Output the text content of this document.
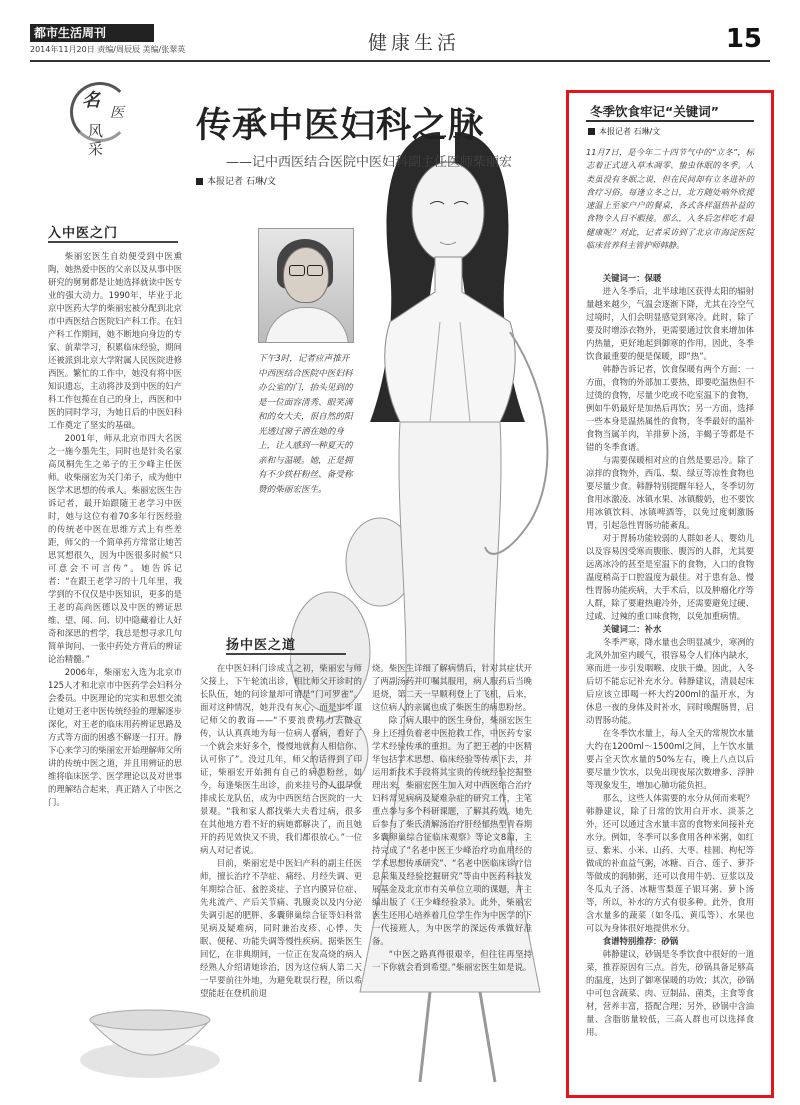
都市生活周刊
2014年11月20日 责编/周辰辰 美编/张翠英	健康生活	15
名
医
风
采
传承中医妇科之脉
——记中西医结合医院中医妇科副主任医师柴丽宏
本报记者 石琳/文
入中医之门

柴丽宏医生自幼便受到中医熏陶，她热爱中医的父亲以及从事中医研究的舅舅都是让她选择就读中医专业的强大动力。1990年，毕业于北京中医药大学的柴丽宏被分配到北京市中西医结合医院妇产科工作。在妇产科工作期间，她不断地向身边的专家、前辈学习，积累临床经验，期间还被派到北京大学附属人民医院进修西医。繁忙的工作中，她没有将中医知识遗忘，主动将涉及到中医的妇产科工作包揽在自己的身上，西医和中医的同时学习，为她日后的中医妇科工作奠定了坚实的基础。

2001年，师从北京市四大名医之一施今墨先生，同时也是针灸名家高凤桐先生之弟子的王少峰主任医师。收柴丽宏为关门弟子，成为他中医学术思想的传承人。柴丽宏医生告诉记者，最开始跟随王老学习中医时，她与这位有着70多年行医经验的传统老中医在思维方式上有些差距，师父的一个简单药方常常让她苦思冥想很久，因为中医很多时候“只可意会不可言传”。她告诉记者：“在跟王老学习的十几年里，我学到的不仅仅是中医知识，更多的是王老的高尚医德以及中医的辨证思维、望、闻、问、切中隐藏着让人好奇和深思的哲学，我总是想寻求几句简单询问、一张中药处方背后的辨证论治精髓。”

2006年，柴丽宏入选为北京市125人才和北京市中医药学会妇科分会委员。中医理论的完实和思想交流让她对王老中医传统经验的理解逐步深化，对王老的临床用药辨证思路及方式等方面的困惑不解逐一打开。静下心来学习的柴丽宏开始理解师父所讲的传统中医之道，并且用辨证的思维将临床医学、医学理论以及对世事的理解结合起来，真正踏入了中医之门。

下午3时，记者应声推开中西医结合医院中医妇科办公室的门，抬头见到的是一位面容清秀、眼笑满和的女大夫，很自然的阳光透过窗子洒在她的身上，让人感到一种夏天的亲和与温暖。她，正是拥有不少铁杆粉丝、备受称赞的柴丽宏医生。
扬中医之道

在中医妇科门诊成立之初，柴丽宏与师父接上，下午轮流出诊，相比师父开诊时的长队伍，她的问诊量却可谓是“门可罗雀”。面对这种情况，她并没有灰心，而是牢牢谨记师父的教诲——“不要浪费精力去做宣传，认认真真地为每一位病人看病，看好了一个就会来好多个，慢慢地就有人相信你、认可你了”。没过几年，师父的话得到了印证，柴丽宏开始拥有自己的病患粉丝，如今，每逢柴医生出诊，前来挂号的人很早就排成长龙队伍，成为中西医结合医院的一大景观。“我和家人都找柴大夫看过病，很多在其他地方看不好的病她都解决了，而且她开的药见效快又不贵，我们都很放心。”一位病人对记者说。

目前，柴丽宏是中医妇产科的副主任医师，擅长治疗不孕症、痛经、月经失调、更年期综合征、盆腔炎症、子宫内膜异位症、先兆流产、产后关节痛、乳腺炎以及内分泌失调引起的肥胖、多囊卵巢综合征等妇科常见病及疑难病，同时兼治皮疹、心悸、失眠、便秘、功能失调等慢性疾病。据柴医生回忆，在非典期间，一位正在发高烧的病人经熟人介绍请她诊治，因为这位病人第二天一早要前往外地，为避免耽误行程，所以希望能赶在登机前退

烧。柴医生详细了解病情后，针对其症状开了两副汤药并叮嘱其服用，病人服药后当晚退烧，第二天一早顺利登上了飞机，后来，这位病人的亲属也成了柴医生的病患粉丝。

除了病人眼中的医生身份，柴丽宏医生身上还担负着老中医抢救工作，中医药专家学术经验传承的重担。为了把王老的中医精华包括学术思想、临床经验等传承下去，并运用新技术手段将其宝贵的传统经验挖掘整理出来，柴丽宏医生加入对中西医结合治疗妇科常见病病及疑难杂症的研究工作，主笔重点参与多个科研课题，了解其药效。她先后参与了柴氏清解汤治疗肝经郁热型青春期多囊卵巢综合征临床观察》等论文8篇，主持完成了“名老中医王少峰治疗功血用经的学术思想传承研究”、“名老中医临床诊疗信息采集及经验挖掘研究”等由中医药科技发展基金及北京市有关单位立项的课题，并主编出版了《王少峰经验录》。此外，柴丽宏医生还用心培养着几位学生作为中医学的下一代接班人，为中医学的深远传承做好准备。

“中医之路真得很艰辛，但往往再坚持一下你就会看到希望。”柴丽宏医生如是说。

冬季饮食牢记“关键词”
本报记者 石琳/文
11月7日，是今年二十四节气中的“立冬”，标志着正式进入草木凋零、蛰虫休眠的冬季。人类虽没有冬眠之说，但在民间却有立冬进补的食疗习俗。每逢立冬之日，北方随处响外欣提速温上至家户户的餐桌，各式各样温热补益的食物令人目不暇接。那么，入冬后怎样吃才最健康呢？对此，记者采访到了北京市海淀医院临床营养科主管护师韩静。

关键词一：保暖

进入冬季后，北半球地区获得太阳的辐射量越来越少，气温会逐渐下降，尤其在冷空气过境时，人们会明显感觉到寒冷。此时，除了要及时增添衣物外，更需要通过饮食来增加体内热量，更好地起到御寒的作用，因此，冬季饮食最重要的便是保暖，即“热”。

韩静告诉记者，饮食保暖有两个方面：一方面，食物的外部加工要热，即要吃温热但不过烫的食物，尽量少吃或不吃室温下的食物，例如牛奶最好是加热后再饮；另一方面，选择一些本身是温热属性的食物，冬季最好的温补食物当属羊肉，羊排萝卜汤，羊蝎子等都是不错的冬季食谱。

与需要保暖相对应的自然是要忌冷。除了凉拌的食物外，西瓜、梨、绿豆等凉性食物也要尽量少食。韩静特别提醒年轻人，冬季切勿食用冰激凌、冰镇水果、冰镇酸奶，也不要饮用冰镇饮料、冰镇啤酒等，以免过度刺激肠胃，引起急性胃肠功能紊乱。

对于胃肠功能较弱的人群如老人、婴幼儿以及容易因受寒而腹胀、腹泻的人群，尤其要远离冰冷的甚至是室温下的食物，入口的食物温度稍高于口腔温度为最佳。对于患有急、慢性胃肠功能疾病，大手术后，以及肿瘤化疗等人群，除了要避热避冷外，还需要避免过硬、过咸、过辣的重口味食物，以免加重病情。

关键词二：补水

冬季严寒，降水量也会明显减少，寒冽的北风外加室内暖气，很容易令人们体内缺水，寒而进一步引发咽喉、皮肤干燥。因此，入冬后切不能忘记补充水分。韩静建议，清晨起床后应该立即喝一杯大约200ml的温开水，为休息一夜的身体及时补水，同时唤醒肠胃，启动胃肠功能。

在冬季饮水量上，每人全天的常规饮水量大约在1200ml～1500ml之间，上午饮水量要占全天饮水量的50%左右，晚上八点以后要尽量少饮水，以免出现夜尿次数增多、浮肿等现象发生，增加心肺功能负担。

那么，这些人体需要的水分从何而来呢？韩静建议，除了日常的饮用白开水、淡茶之外，还可以通过含水量丰富的食物来间接补充水分。例如，冬季可以多食用各种米粥，如红豆、紫米、小米、山药、大枣、桂圆、枸杞等做成的补血益气粥，冰糖、百合、莲子、萝芥等做成的润肺粥，还可以食用牛奶、豆浆以及冬瓜丸子汤、冰糖雪梨莲子银耳粥、萝卜汤等，所以，补水的方式有很多种。此外，食用含水量多的蔬菜（如冬瓜、黄瓜等）、水果也可以为身体很好地提供水分。

食谱特别推荐：砂锅

韩静建议，砂锅是冬季饮食中很好的一道菜，推荐原因有三点。首先，砂锅具备足够高的温度，达到了御寒保暖的功效；其次，砂锅中可包含蔬菜、肉、豆制品、菌类，主食等食材，营养丰富，搭配合理；另外，砂锅中含油量、含脂肪量较低，三高人群也可以选择食用。
